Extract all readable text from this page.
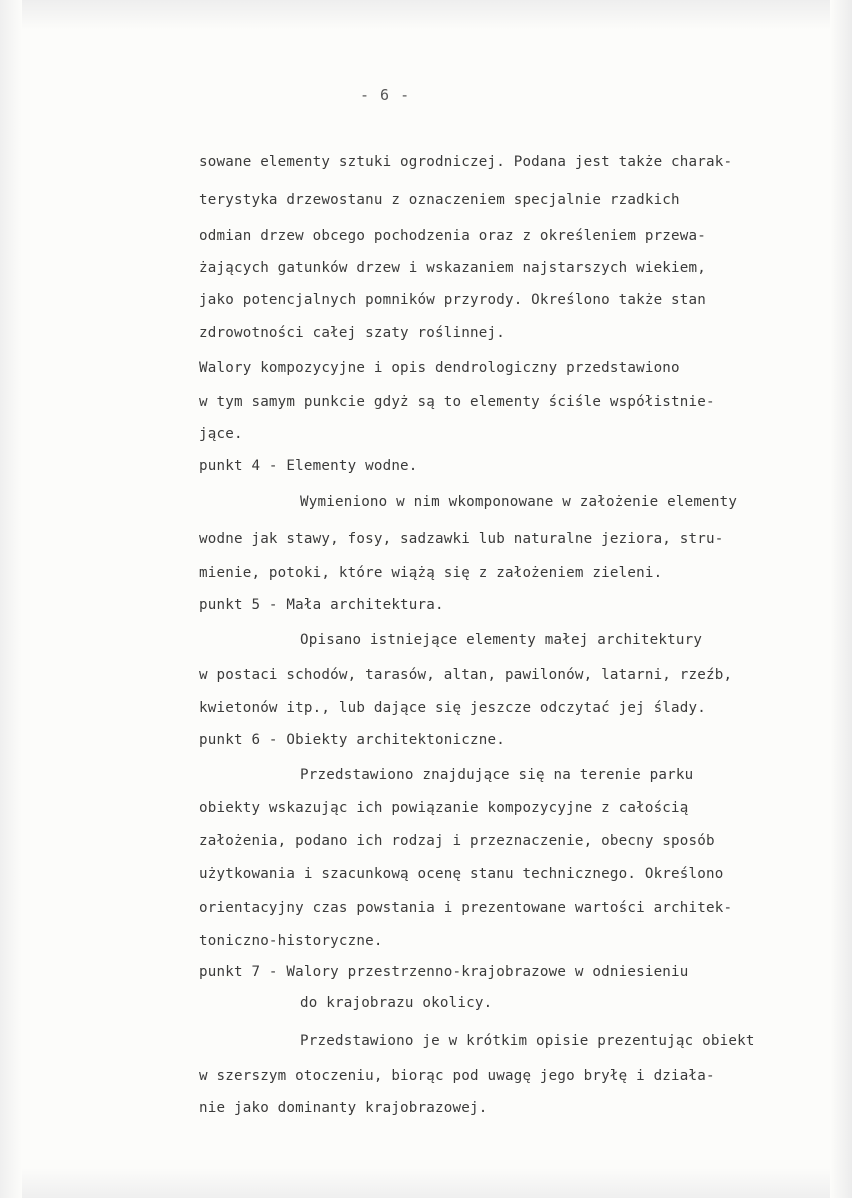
- 6 -
sowane elementy sztuki ogrodniczej. Podana jest także charak-
terystyka drzewostanu z oznaczeniem specjalnie rzadkich
odmian drzew obcego pochodzenia oraz z określeniem przewa-
żających gatunków drzew i wskazaniem najstarszych wiekiem,
jako potencjalnych pomników przyrody. Określono także stan
zdrowotności całej szaty roślinnej.
Walory kompozycyjne i opis dendrologiczny przedstawiono
w tym samym punkcie gdyż są to elementy ściśle współistnie-
jące.
punkt 4 - Elementy wodne.
Wymieniono w nim wkomponowane w założenie elementy
wodne jak stawy, fosy, sadzawki lub naturalne jeziora, stru-
mienie, potoki, które wiążą się z założeniem zieleni.
punkt 5 - Mała architektura.
Opisano istniejące elementy małej architektury
w postaci schodów, tarasów, altan, pawilonów, latarni, rzeźb,
kwietonów itp., lub dające się jeszcze odczytać jej ślady.
punkt 6 - Obiekty architektoniczne.
Przedstawiono znajdujące się na terenie parku
obiekty wskazując ich powiązanie kompozycyjne z całością
założenia, podano ich rodzaj i przeznaczenie, obecny sposób
użytkowania i szacunkową ocenę stanu technicznego. Określono
orientacyjny czas powstania i prezentowane wartości architek-
toniczno-historyczne.
punkt 7 - Walory przestrzenno-krajobrazowe w odniesieniu
do krajobrazu okolicy.
Przedstawiono je w krótkim opisie prezentując obiekt
w szerszym otoczeniu, biorąc pod uwagę jego bryłę i działa-
nie jako dominanty krajobrazowej.
